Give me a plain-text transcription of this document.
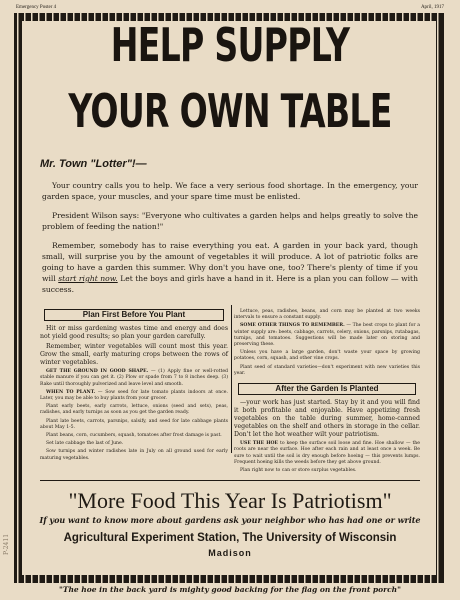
Emergency Poster 4	April, 1917
P-2411
HELP SUPPLY
YOUR OWN TABLE
Mr. Town "Lotter"!—
Your country calls you to help. We face a very serious food shortage. In the emergency, your garden space, your muscles, and your spare time must be enlisted.
President Wilson says: "Everyone who cultivates a garden helps and helps greatly to solve the problem of feeding the nation!"
Remember, somebody has to raise everything you eat. A garden in your back yard, though small, will surprise you by the amount of vegetables it will produce. A lot of patriotic folks are going to have a garden this summer. Why don't you have one, too? There's plenty of time if you will start right now. Let the boys and girls have a hand in it. Here is a plan you can follow — with success.
Plan First Before You Plant

Hit or miss gardening wastes time and energy and does not yield good results; so plan your garden carefully.

Remember, winter vegetables will count most this year. Grow the small, early maturing crops between the rows of winter vegetables.

GET THE GROUND IN GOOD SHAPE. — (1) Apply fine or well-rotted stable manure if you can get it. (2) Plow or spade from 7 to 8 inches deep. (3) Rake until thoroughly pulverized and leave level and smooth.

WHEN TO PLANT. — Sow seed for late tomato plants indoors at once. Later, you may be able to buy plants from your grocer.

Plant early beets, early carrots, lettuce, onions (seed and sets), peas, radishes, and early turnips as soon as you get the garden ready.

Plant late beets, carrots, parsnips, salsify, and seed for late cabbage plants about May 1-5.

Plant beans, corn, cucumbers, squash, tomatoes after frost damage is past.

Set late cabbage the last of June.

Sow turnips and winter radishes late in July on all ground used for early maturing vegetables.

Lettuce, peas, radishes, beans, and corn may be planted at two weeks intervals to ensure a constant supply.

SOME OTHER THINGS TO REMEMBER. — The best crops to plant for a winter supply are: beets, cabbage, carrots, celery, onions, parsnips, rutabagas, turnips, and tomatoes. Suggestions will be made later on storing and preserving these.

Unless you have a large garden, don't waste your space by growing potatoes, corn, squash, and other vine crops.

Plant seed of standard varieties—don't experiment with new varieties this year.

After the Garden Is Planted

—your work has just started. Stay by it and you will find it both profitable and enjoyable. Have appetizing fresh vegetables on the table during summer, home-canned vegetables on the shelf and others in storage in the cellar. Don't let the hot weather wilt your patriotism.

USE THE HOE to keep the surface soil loose and fine. Hoe shallow — the roots are near the surface. Hoe after each rain and at least once a week. Be sure to wait until the soil is dry enough before hoeing — this prevents lumps. Frequent hoeing kills the weeds before they get above ground.

Plan right now to can or store surplus vegetables.

"More Food This Year Is Patriotism"
If you want to know more about gardens ask your neighbor who has had one or write
Agricultural Experiment Station, The University of Wisconsin
Madison
"The hoe in the back yard is mighty good backing for the flag on the front porch"
